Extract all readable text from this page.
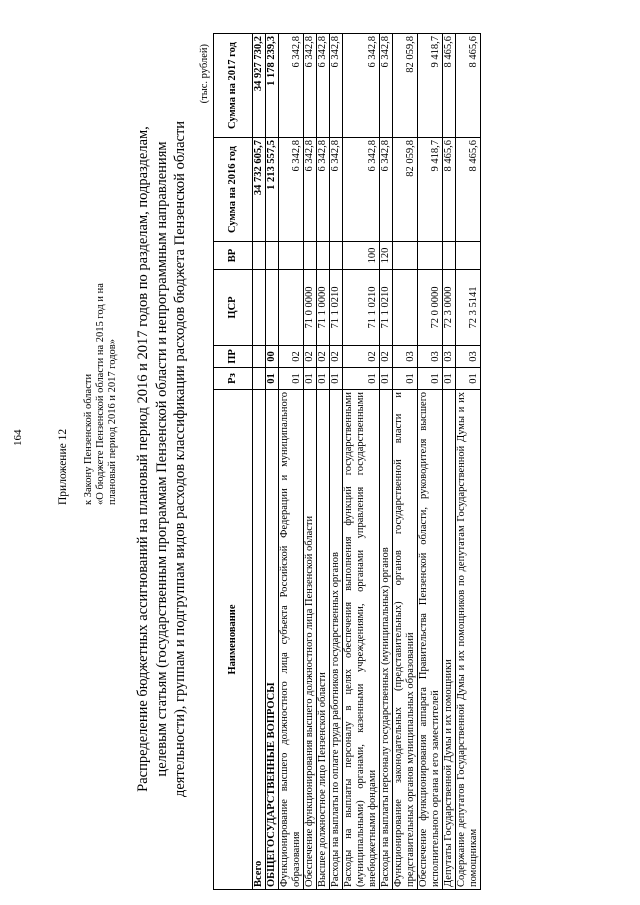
164	Приложение 12 к Закону Пензенской области «О бюджете Пензенской области на 2015 год и на плановый период 2016 и 2017 годов» Распределение бюджетных ассигнований на плановый период 2016 и 2017 годов по разделам, подразделам, целевым статьям (государственным программам Пензенской области и непрограммным направлениям деятельности), группам и подгруппам видов расходов классификации расходов бюджета Пензенской области
(тыс. рублей)
Наименование	Рз	ПР	ЦСР	ВР	Сумма на 2016 год	Сумма на 2017 год
Всего					34 732 605,7	34 927 730,2
ОБЩЕГОСУДАРСТВЕННЫЕ ВОПРОСЫ	01	00			1 213 557,5	1 178 239,3
Функционирование высшего должностного лица субъекта Российской Федерации и муниципального образования	01	02			6 342,8	6 342,8
Обеспечение функционирования высшего должностного лица Пензенской области	01	02	71 0 0000		6 342,8	6 342,8
Высшее должностное лицо Пензенской области	01	02	71 1 0000		6 342,8	6 342,8
Расходы на выплаты по оплате труда работников государственных органов	01	02	71 1 0210		6 342,8	6 342,8
Расходы на выплаты персоналу в целях обеспечения выполнения функций государственными (муниципальными) органами, казенными учреждениями, органами управления государственными внебюджетными фондами	01	02	71 1 0210	100	6 342,8	6 342,8
Расходы на выплаты персоналу государственных (муниципальных) органов	01	02	71 1 0210	120	6 342,8	6 342,8
Функционирование законодательных (представительных) органов государственной власти и представительных органов муниципальных образований	01	03			82 059,8	82 059,8
Обеспечение функционирования аппарата Правительства Пензенской области, руководителя высшего исполнительного органа и его заместителей	01	03	72 0 0000		9 418,7	9 418,7
Депутаты Государственной Думы и их помощники	01	03	72 3 0000		8 465,6	8 465,6
Содержание депутатов Государственной Думы и их помощников по депутатам Государственной Думы и их помощникам	01	03	72 3 5141		8 465,6	8 465,6
